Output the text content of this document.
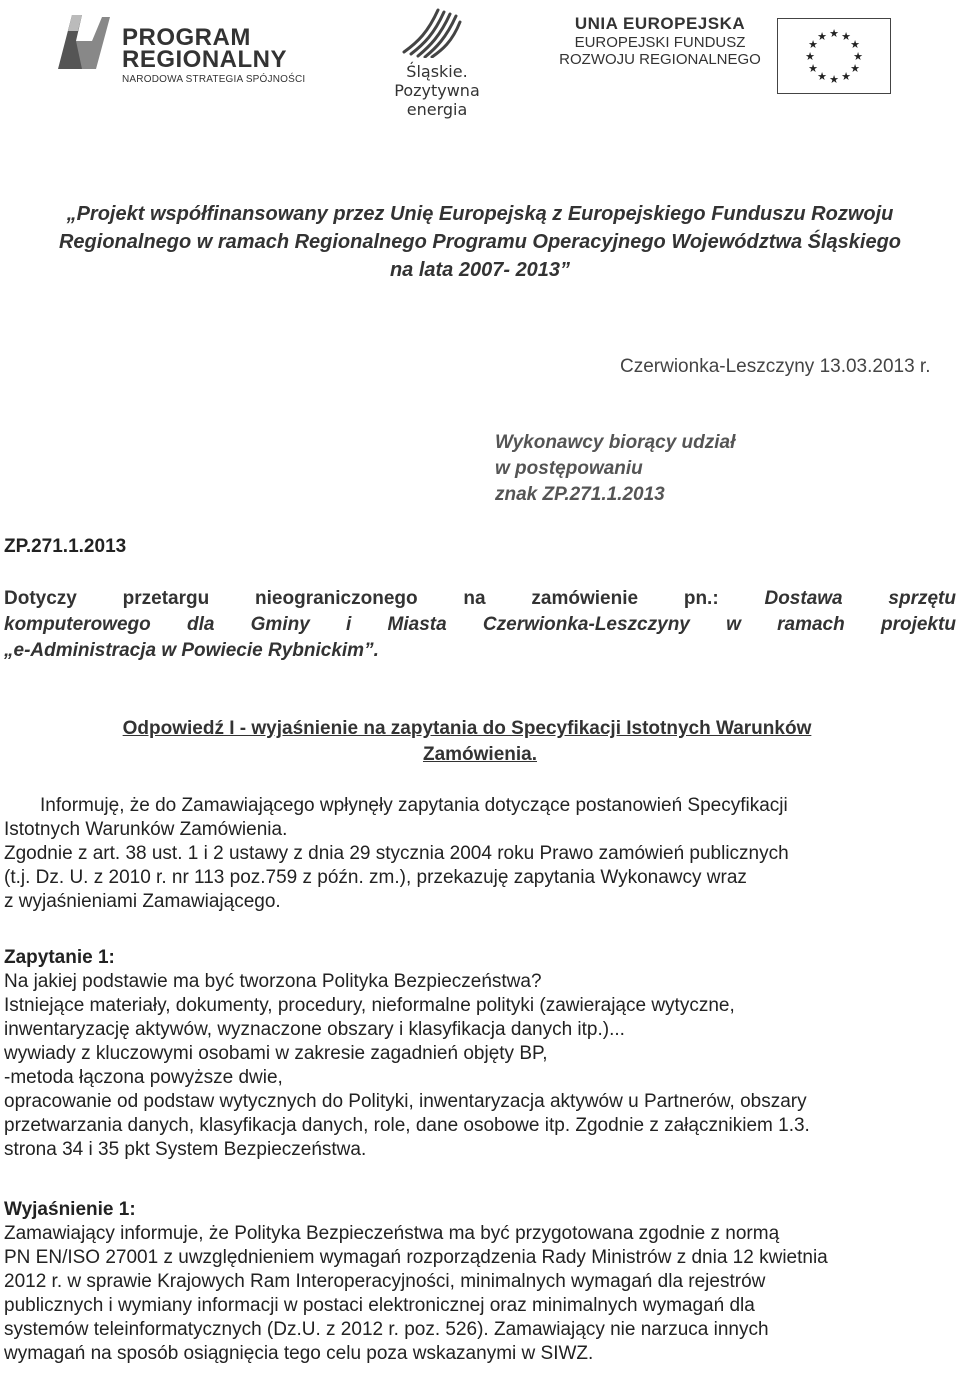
PROGRAM
REGIONALNY
NARODOWA STRATEGIA SPÓJNOŚCI	Śląskie.
Pozytywna energia
UNIA EUROPEJSKA
EUROPEJSKI FUNDUSZ
ROZWOJU REGIONALNEGO
★ ★
★
★
★
★
★
★
★
★
★
★
„Projekt współfinansowany przez Unię Europejską z Europejskiego Funduszu Rozwoju
Regionalnego w ramach Regionalnego Programu Operacyjnego Województwa Śląskiego
na lata 2007- 2013”
Czerwionka-Leszczyny 13.03.2013 r.
Wykonawcy biorący udział
w postępowaniu
znak ZP.271.1.2013
ZP.271.1.2013
Dotyczy przetargu nieograniczonego na zamówienie pn.: Dostawa sprzętu
komputerowego dla Gminy i Miasta Czerwionka-Leszczyny w ramach projektu
„e-Administracja w Powiecie Rybnickim”.
Odpowiedź I - wyjaśnienie na zapytania do Specyfikacji Istotnych Warunków
Zamówienia.
Informuję, że do Zamawiającego wpłynęły zapytania dotyczące postanowień Specyfikacji
Istotnych Warunków Zamówienia.
Zgodnie z art. 38 ust. 1 i 2 ustawy z dnia 29 stycznia 2004 roku Prawo zamówień publicznych
(t.j. Dz. U. z 2010 r. nr 113 poz.759 z późn. zm.), przekazuję zapytania Wykonawcy wraz
z wyjaśnieniami Zamawiającego.
Zapytanie 1:
Na jakiej podstawie ma być tworzona Polityka Bezpieczeństwa?
Istniejące materiały, dokumenty, procedury, nieformalne polityki (zawierające wytyczne,
inwentaryzację aktywów, wyznaczone obszary i klasyfikacja danych itp.)...
wywiady z kluczowymi osobami w zakresie zagadnień objęty BP,
-metoda łączona powyższe dwie,
opracowanie od podstaw wytycznych do Polityki, inwentaryzacja aktywów u Partnerów, obszary
przetwarzania danych, klasyfikacja danych, role, dane osobowe itp. Zgodnie z załącznikiem 1.3.
strona 34 i 35 pkt System Bezpieczeństwa.
Wyjaśnienie 1:
Zamawiający informuje, że Polityka Bezpieczeństwa ma być przygotowana zgodnie z normą
PN EN/ISO 27001 z uwzględnieniem wymagań rozporządzenia Rady Ministrów z dnia 12 kwietnia
2012 r. w sprawie Krajowych Ram Interoperacyjności, minimalnych wymagań dla rejestrów
publicznych i wymiany informacji w postaci elektronicznej oraz minimalnych wymagań dla
systemów teleinformatycznych (Dz.U. z 2012 r. poz. 526). Zamawiający nie narzuca innych
wymagań na sposób osiągnięcia tego celu poza wskazanymi w SIWZ.
